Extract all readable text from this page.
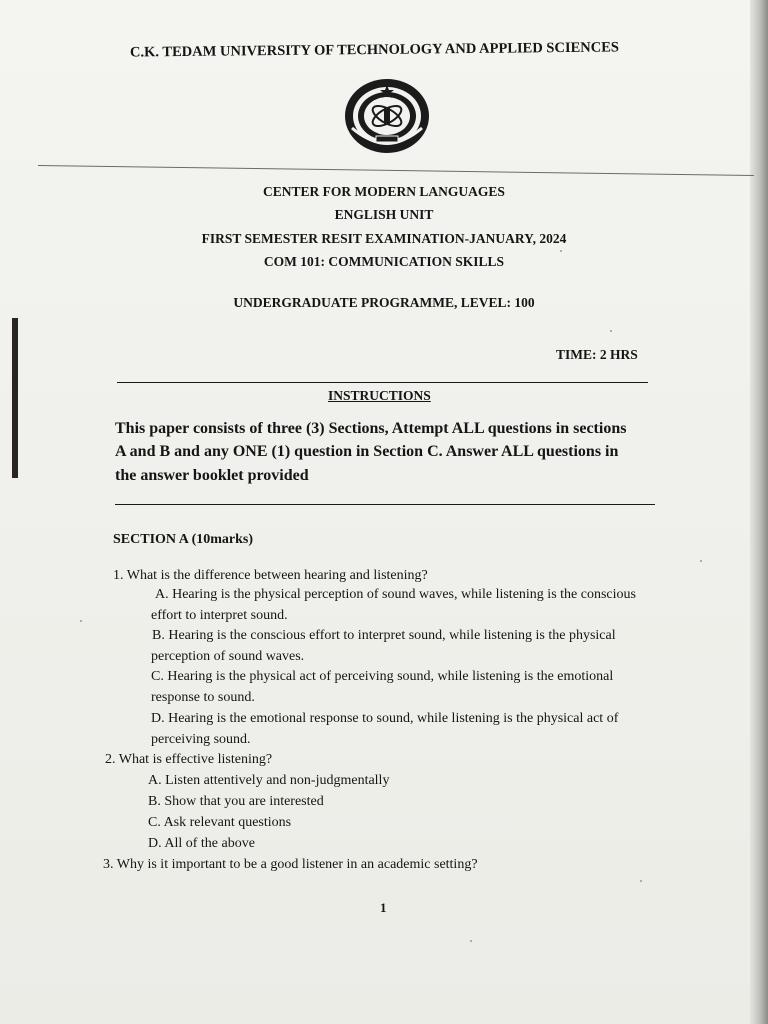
C.K. TEDAM UNIVERSITY OF TECHNOLOGY AND APPLIED SCIENCES
CENTER FOR MODERN LANGUAGES
ENGLISH UNIT
FIRST SEMESTER RESIT EXAMINATION-JANUARY, 2024
COM 101: COMMUNICATION SKILLS
UNDERGRADUATE PROGRAMME, LEVEL: 100
TIME: 2 HRS
INSTRUCTIONS
This paper consists of three (3) Sections, Attempt ALL questions in sections
A and B and any ONE (1) question in Section C. Answer ALL questions in
the answer booklet provided
SECTION A (10marks)
1. What is the difference between hearing and listening?
A. Hearing is the physical perception of sound waves, while listening is the conscious
effort to interpret sound.
B. Hearing is the conscious effort to interpret sound, while listening is the physical
perception of sound waves.
C. Hearing is the physical act of perceiving sound, while listening is the emotional
response to sound.
D. Hearing is the emotional response to sound, while listening is the physical act of
perceiving sound.
2. What is effective listening?
A. Listen attentively and non-judgmentally
B. Show that you are interested
C. Ask relevant questions
D. All of the above
3. Why is it important to be a good listener in an academic setting?
1
